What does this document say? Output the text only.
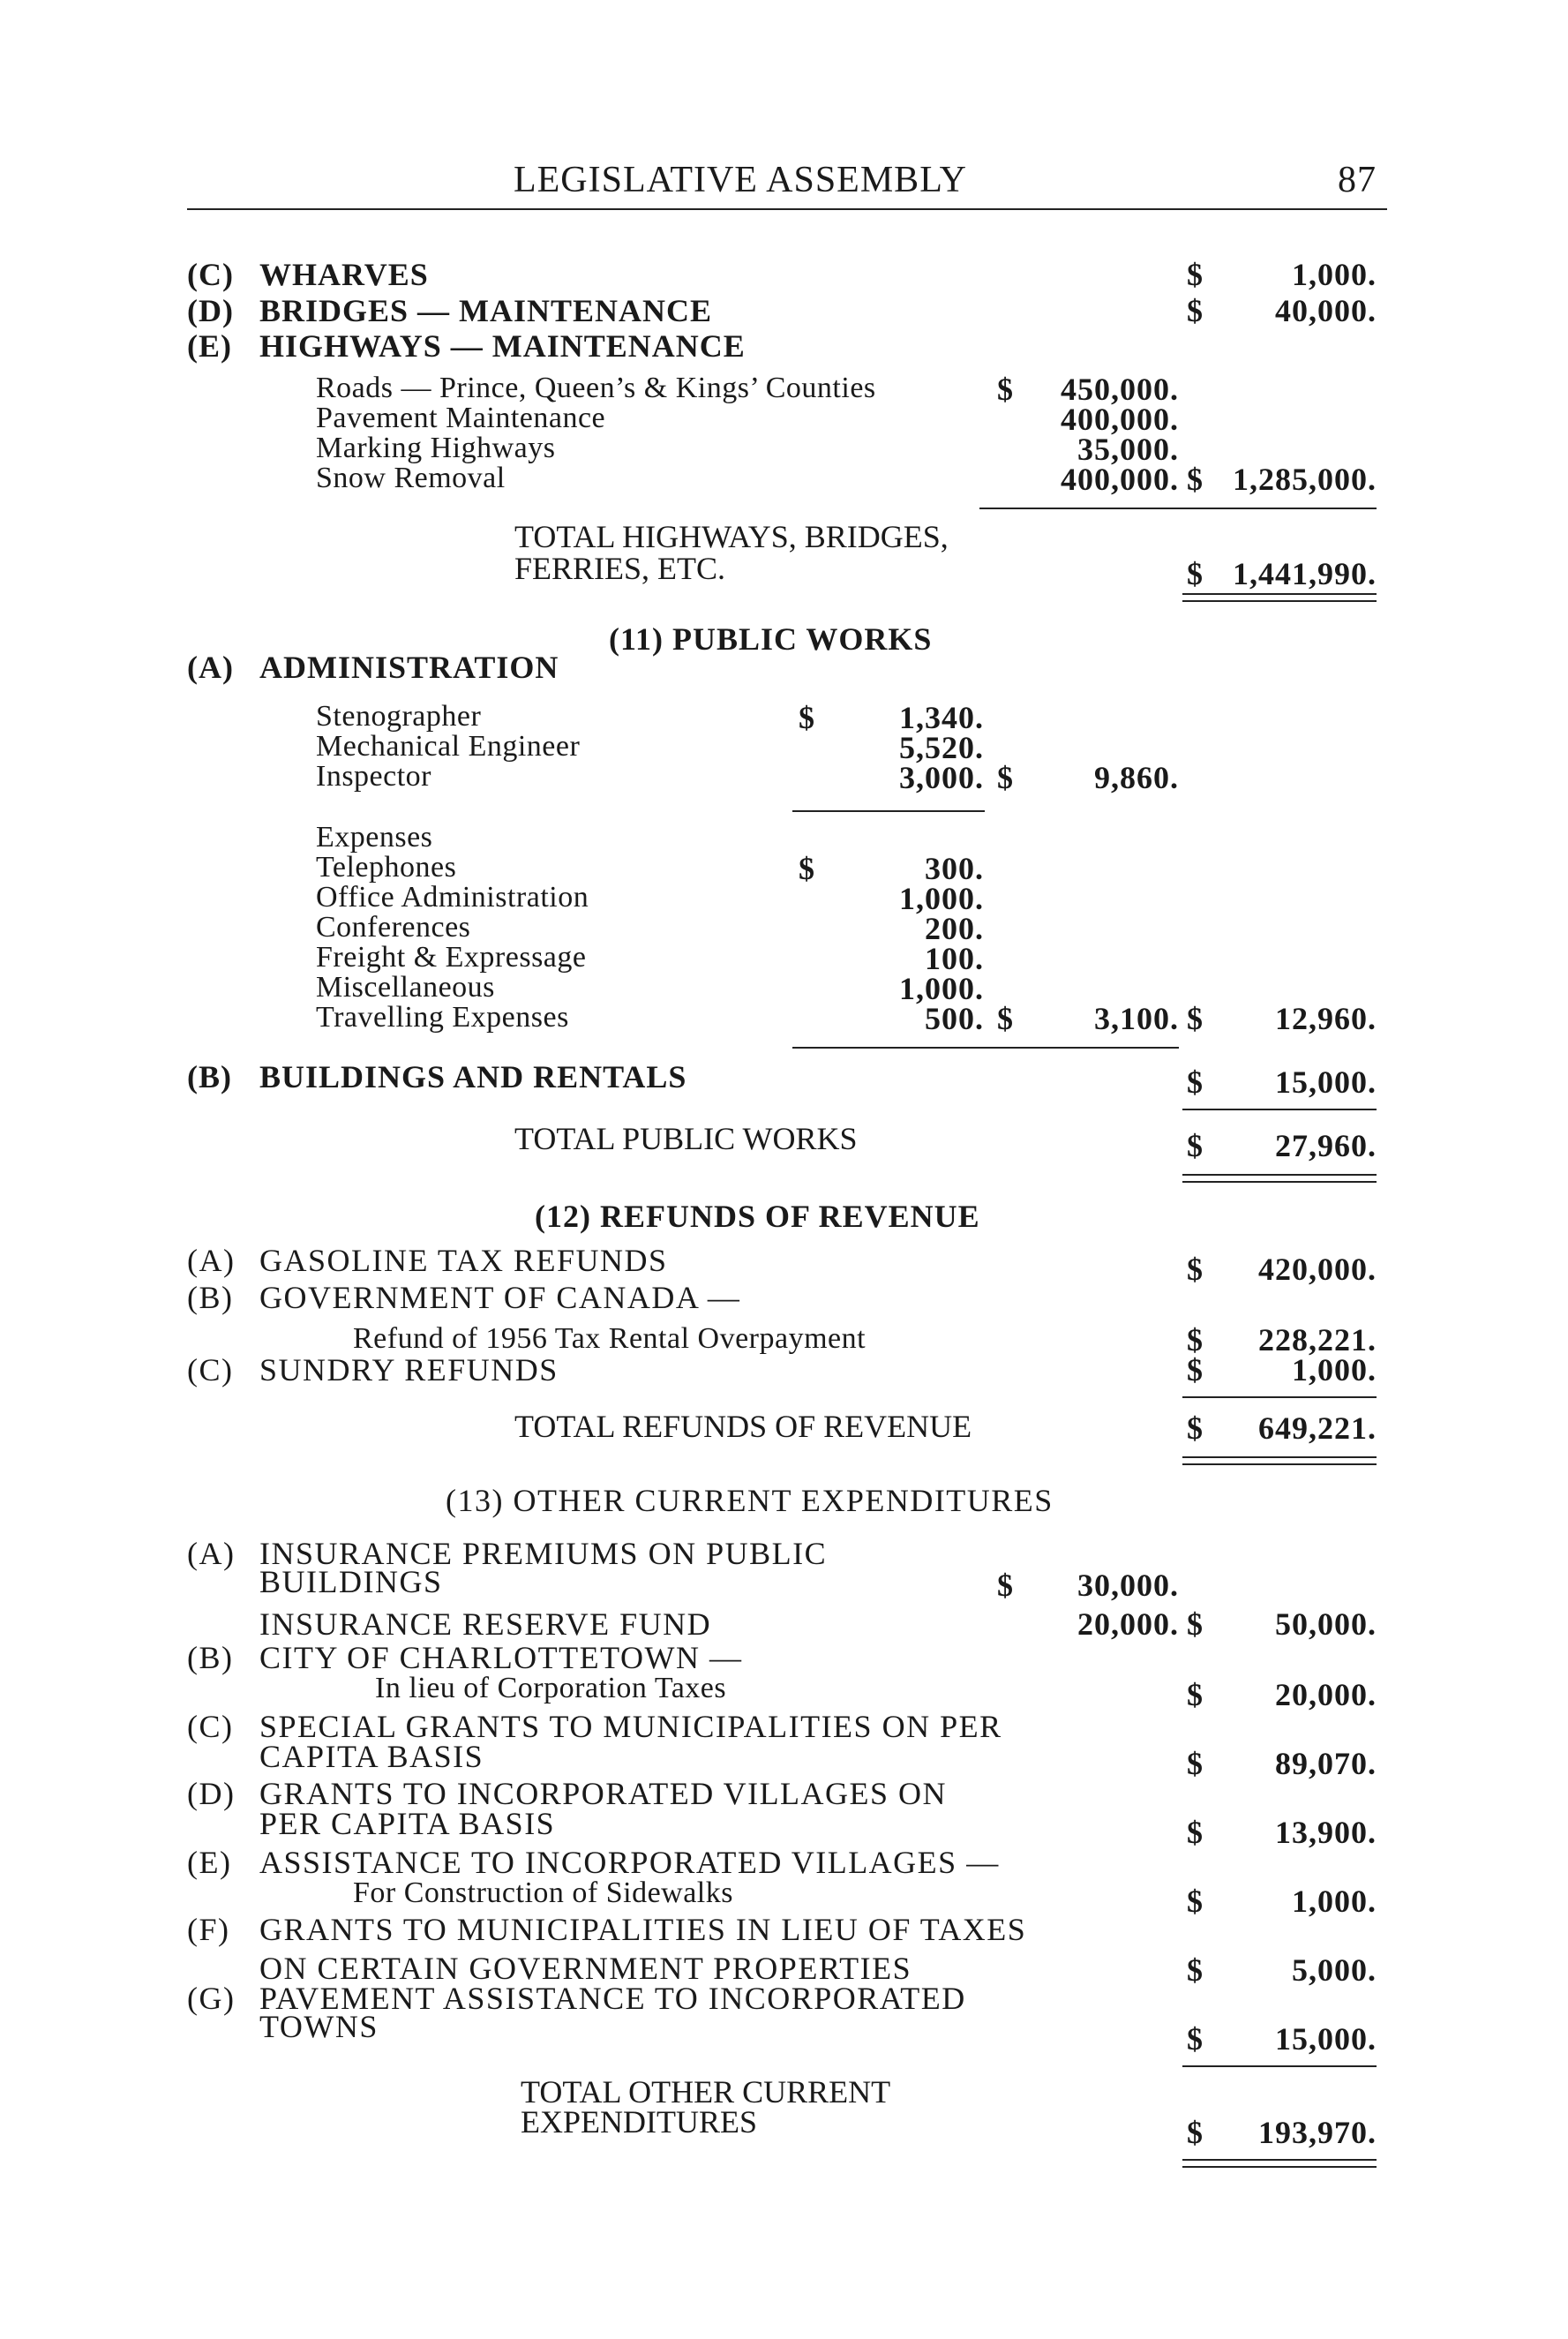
LEGISLATIVE ASSEMBLY	87
(C) WHARVES	$	1,000.
(D) BRIDGES — MAINTENANCE	$	40,000.
(E) HIGHWAYS — MAINTENANCE
Roads — Prince, Queen’s & Kings’ Counties	$	450,000.
Pavement Maintenance	400,000.
Marking Highways	35,000.
Snow Removal	400,000. $ 1,285,000.
TOTAL HIGHWAYS, BRIDGES,
FERRIES, ETC.	$ 1,441,990.
(11) PUBLIC WORKS
(A) ADMINISTRATION
Stenographer	$	1,340.
Mechanical Engineer	5,520.
Inspector	3,000. $	9,860.
Expenses
Telephones	$	300.
Office Administration	1,000.
Conferences	200.
Freight & Expressage	100.
Miscellaneous	1,000.
Travelling Expenses	500. $	3,100. $	12,960.
(B) BUILDINGS AND RENTALS	$	15,000.
TOTAL PUBLIC WORKS	$	27,960.
(12) REFUNDS OF REVENUE
(A) GASOLINE TAX REFUNDS	$	420,000.
(B) GOVERNMENT OF CANADA —
Refund of 1956 Tax Rental Overpayment	$	228,221.
(C) SUNDRY REFUNDS	$	1,000.
TOTAL REFUNDS OF REVENUE	$	649,221.
(13) OTHER CURRENT EXPENDITURES
(A) INSURANCE PREMIUMS ON PUBLIC
BUILDINGS	$	30,000.
INSURANCE RESERVE FUND	20,000. $	50,000.
(B) CITY OF CHARLOTTETOWN —
In lieu of Corporation Taxes	$	20,000.
(C) SPECIAL GRANTS TO MUNICIPALITIES ON PER
CAPITA BASIS	$	89,070.
(D) GRANTS TO INCORPORATED VILLAGES ON
PER CAPITA BASIS	$	13,900.
(E) ASSISTANCE TO INCORPORATED VILLAGES —
For Construction of Sidewalks	$	1,000.
(F) GRANTS TO MUNICIPALITIES IN LIEU OF TAXES
ON CERTAIN GOVERNMENT PROPERTIES	$	5,000.
(G) PAVEMENT ASSISTANCE TO INCORPORATED
TOWNS	$	15,000.
TOTAL OTHER CURRENT
EXPENDITURES	$	193,970.
